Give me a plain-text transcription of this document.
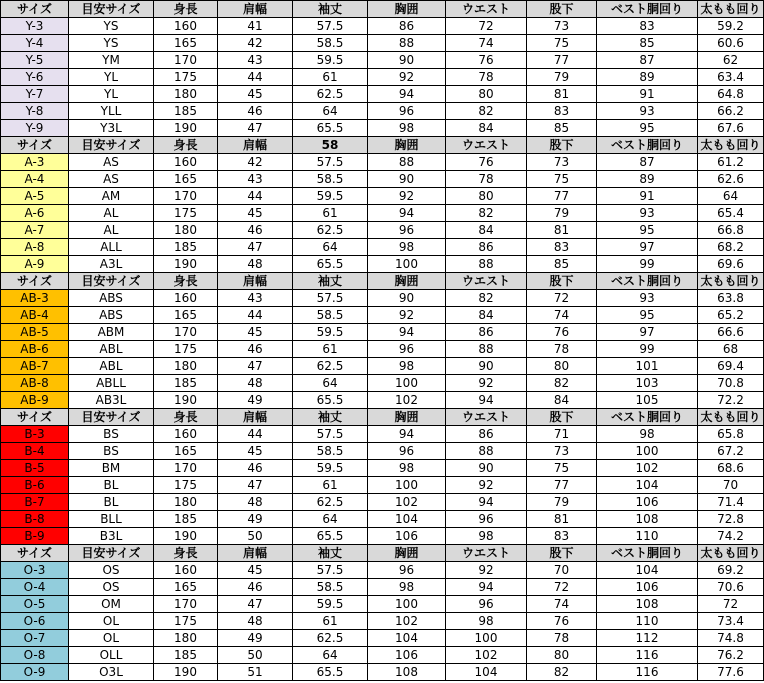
サイズ	目安サイズ	身長	肩幅	袖丈	胸囲	ウエスト	股下	ベスト胴回り	太もも回り
Y-3	YS	160	41	57.5	86	72	73	83	59.2
Y-4	YS	165	42	58.5	88	74	75	85	60.6
Y-5	YM	170	43	59.5	90	76	77	87	62
Y-6	YL	175	44	61	92	78	79	89	63.4
Y-7	YL	180	45	62.5	94	80	81	91	64.8
Y-8	YLL	185	46	64	96	82	83	93	66.2
Y-9	Y3L	190	47	65.5	98	84	85	95	67.6
サイズ	目安サイズ	身長	肩幅	58	胸囲	ウエスト	股下	ベスト胴回り	太もも回り
A-3	AS	160	42	57.5	88	76	73	87	61.2
A-4	AS	165	43	58.5	90	78	75	89	62.6
A-5	AM	170	44	59.5	92	80	77	91	64
A-6	AL	175	45	61	94	82	79	93	65.4
A-7	AL	180	46	62.5	96	84	81	95	66.8
A-8	ALL	185	47	64	98	86	83	97	68.2
A-9	A3L	190	48	65.5	100	88	85	99	69.6
サイズ	目安サイズ	身長	肩幅	袖丈	胸囲	ウエスト	股下	ベスト胴回り	太もも回り
AB-3	ABS	160	43	57.5	90	82	72	93	63.8
AB-4	ABS	165	44	58.5	92	84	74	95	65.2
AB-5	ABM	170	45	59.5	94	86	76	97	66.6
AB-6	ABL	175	46	61	96	88	78	99	68
AB-7	ABL	180	47	62.5	98	90	80	101	69.4
AB-8	ABLL	185	48	64	100	92	82	103	70.8
AB-9	AB3L	190	49	65.5	102	94	84	105	72.2
サイズ	目安サイズ	身長	肩幅	袖丈	胸囲	ウエスト	股下	ベスト胴回り	太もも回り
B-3	BS	160	44	57.5	94	86	71	98	65.8
B-4	BS	165	45	58.5	96	88	73	100	67.2
B-5	BM	170	46	59.5	98	90	75	102	68.6
B-6	BL	175	47	61	100	92	77	104	70
B-7	BL	180	48	62.5	102	94	79	106	71.4
B-8	BLL	185	49	64	104	96	81	108	72.8
B-9	B3L	190	50	65.5	106	98	83	110	74.2
サイズ	目安サイズ	身長	肩幅	袖丈	胸囲	ウエスト	股下	ベスト胴回り	太もも回り
O-3	OS	160	45	57.5	96	92	70	104	69.2
O-4	OS	165	46	58.5	98	94	72	106	70.6
O-5	OM	170	47	59.5	100	96	74	108	72
O-6	OL	175	48	61	102	98	76	110	73.4
O-7	OL	180	49	62.5	104	100	78	112	74.8
O-8	OLL	185	50	64	106	102	80	116	76.2
O-9	O3L	190	51	65.5	108	104	82	116	77.6
